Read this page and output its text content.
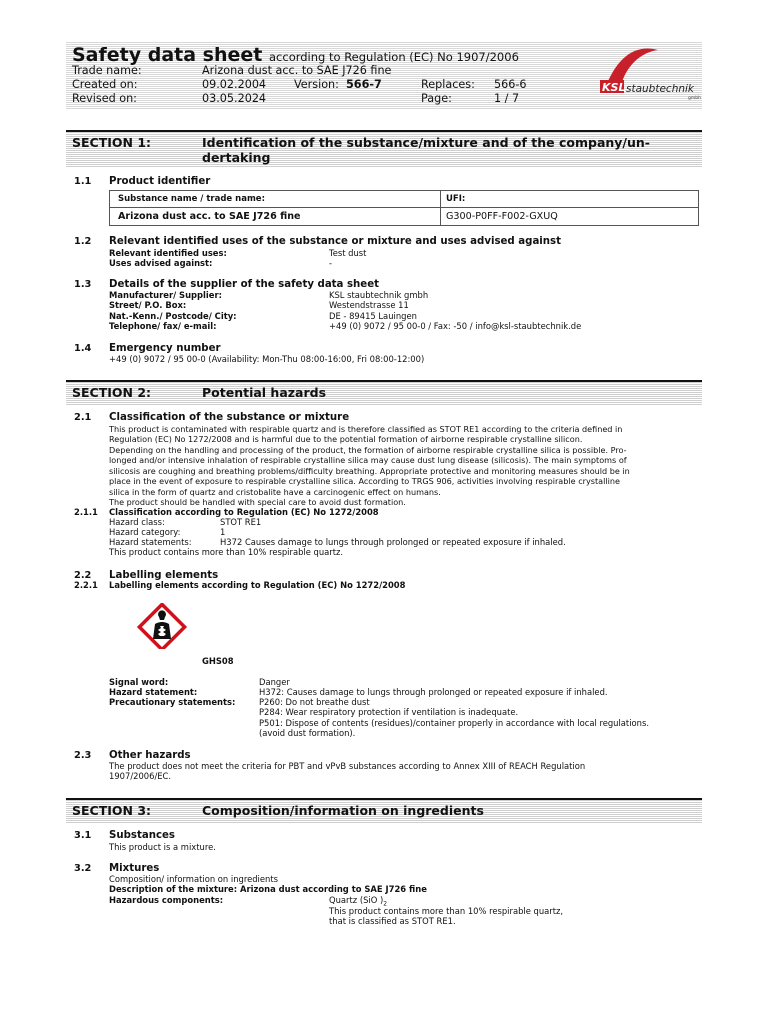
Safety data sheet according to Regulation (EC) No 1907/2006
Trade name:	Arizona dust acc. to SAE J726 fine
Created on:	09.02.2004 Version: 566-7	Replaces: 566-6
Revised on:	03.05.2024	Page:	1 / 7
KSL staubtechnik
gmbh
SECTION 1:	Identification of the substance/mixture and of the company/un-
dertaking
1.1 Product identifier
Substance name / trade name:	UFI:
Arizona dust acc. to SAE J726 fine	G300-P0FF-F002-GXUQ
1.2 Relevant identified uses of the substance or mixture and uses advised against
Relevant identified uses:	Test dust
Uses advised against:	-
1.3 Details of the supplier of the safety data sheet
Manufacturer/ Supplier:	KSL staubtechnik gmbh
Street/ P.O. Box:	Westendstrasse 11
Nat.-Kenn./ Postcode/ City:	DE - 89415 Lauingen
Telephone/ fax/ e-mail:	+49 (0) 9072 / 95 00-0 / Fax: -50 / info@ksl-staubtechnik.de
1.4 Emergency number
+49 (0) 9072 / 95 00-0 (Availability: Mon-Thu 08:00-16:00, Fri 08:00-12:00)
SECTION 2:	Potential hazards
2.1 Classification of the substance or mixture
This product is contaminated with respirable quartz and is therefore classified as STOT RE1 according to the criteria defined in
Regulation (EC) No 1272/2008 and is harmful due to the potential formation of airborne respirable crystalline silicon.
Depending on the handling and processing of the product, the formation of airborne respirable crystalline silica is possible. Pro-
longed and/or intensive inhalation of respirable crystalline silica may cause dust lung disease (silicosis). The main symptoms of
silicosis are coughing and breathing problems/difficulty breathing. Appropriate protective and monitoring measures should be in
place in the event of exposure to respirable crystalline silica. According to TRGS 906, activities involving respirable crystalline
silica in the form of quartz and cristobalite have a carcinogenic effect on humans.
The product should be handled with special care to avoid dust formation.
2.1.1 Classification according to Regulation (EC) No 1272/2008
Hazard class:	STOT RE1
Hazard category:	1
Hazard statements:	H372 Causes damage to lungs through prolonged or repeated exposure if inhaled.
This product contains more than 10% respirable quartz.
2.2 Labelling elements
2.2.1 Labelling elements according to Regulation (EC) No 1272/2008
GHS08
Signal word:	Danger
Hazard statement:	H372: Causes damage to lungs through prolonged or repeated exposure if inhaled.
Precautionary statements:	P260: Do not breathe dust
P284: Wear respiratory protection if ventilation is inadequate.
P501: Dispose of contents (residues)/container properly in accordance with local regulations.
(avoid dust formation).
2.3 Other hazards
The product does not meet the criteria for PBT and vPvB substances according to Annex XIII of REACH Regulation
1907/2006/EC.
SECTION 3:	Composition/information on ingredients
3.1 Substances
This product is a mixture.
3.2 Mixtures
Composition/ information on ingredients
Description of the mixture: Arizona dust according to SAE J726 fine
Hazardous components:	Quartz (SiO )$_2$
This product contains more than 10% respirable quartz,
that is classified as STOT RE1.
